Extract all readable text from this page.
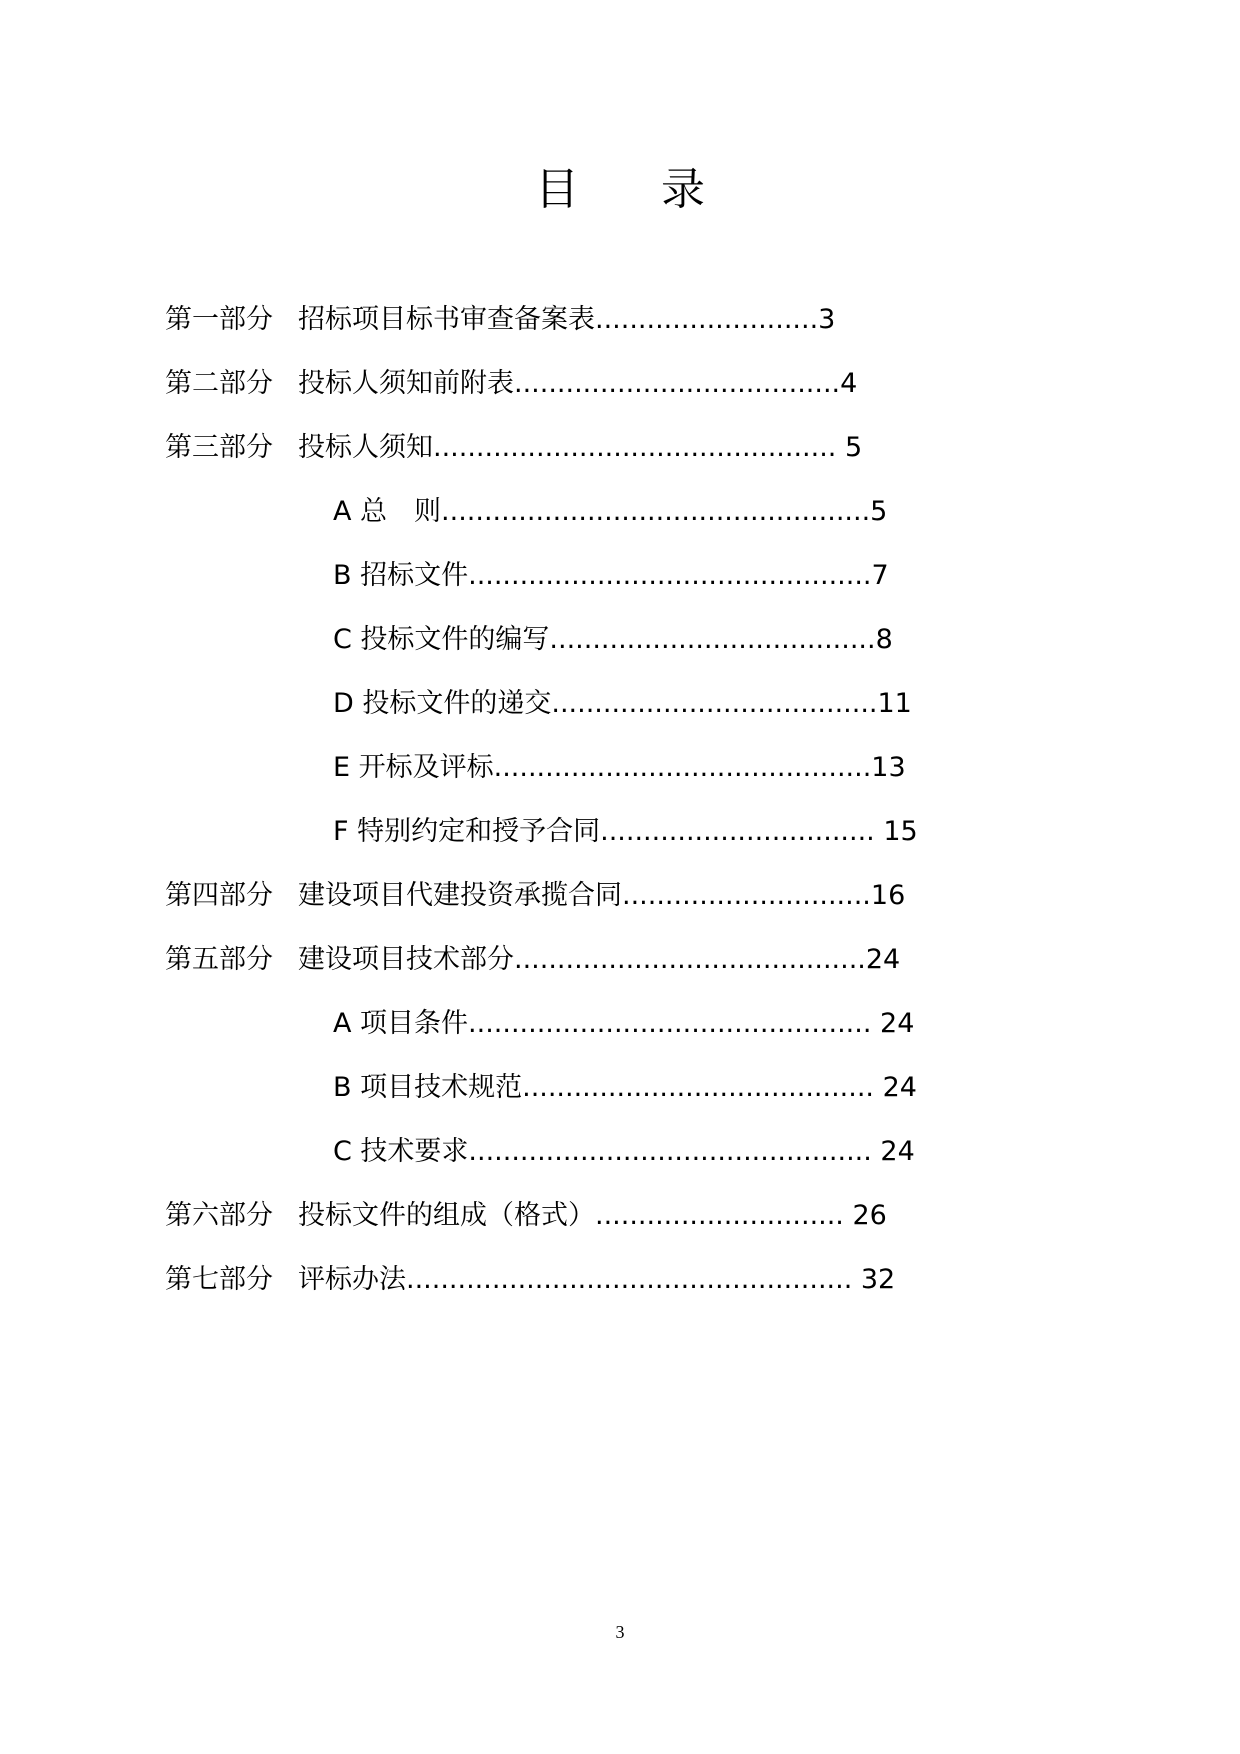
目 录
第一部分 招标项目标书审查备案表..........................3
第二部分 投标人须知前附表......................................4
第三部分 投标人须知............................................... 5
A 总　则..................................................5
B 招标文件...............................................7
C 投标文件的编写......................................8
D 投标文件的递交......................................11
E 开标及评标............................................13
F 特别约定和授予合同................................ 15
第四部分 建设项目代建投资承揽合同.............................16
第五部分 建设项目技术部分.........................................24
A 项目条件............................................... 24
B 项目技术规范......................................... 24
C 技术要求............................................... 24
第六部分 投标文件的组成（格式）............................. 26
第七部分 评标办法.................................................... 32
3
